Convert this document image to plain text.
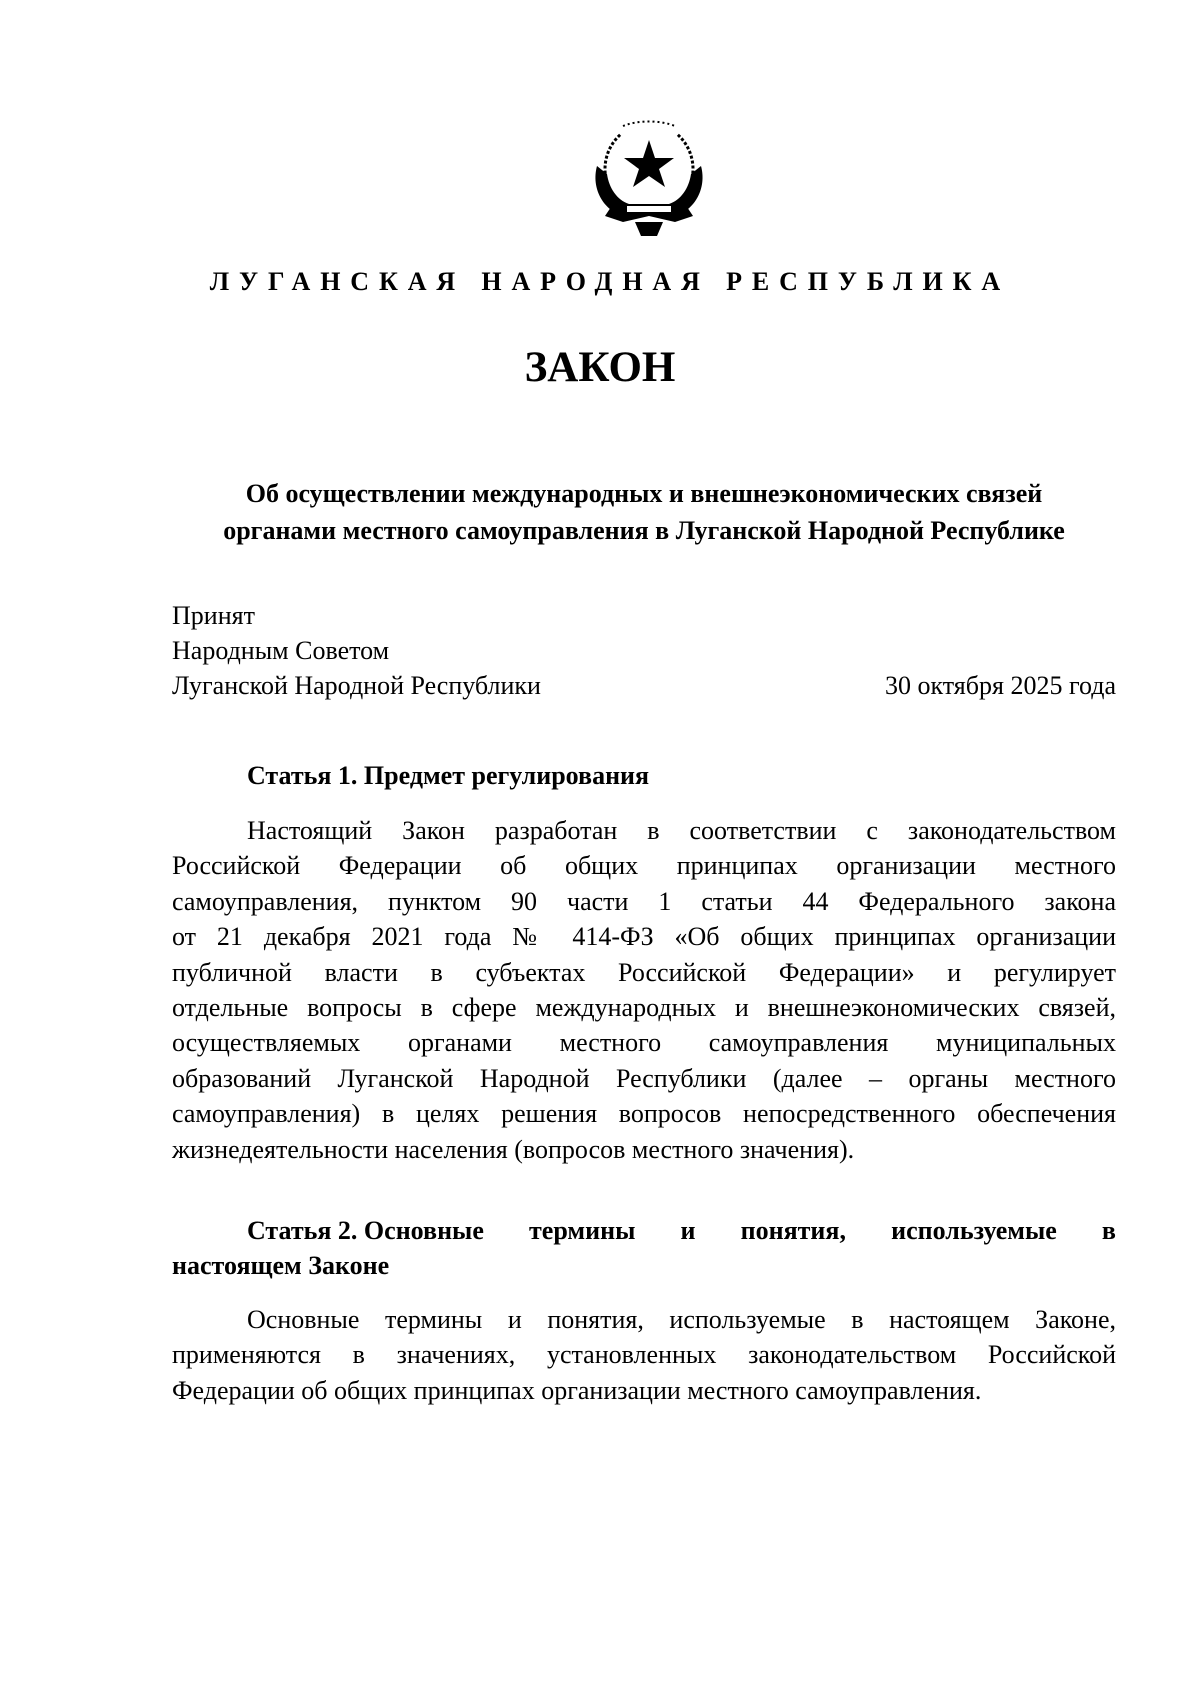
ЛУГАНСКАЯ НАРОДНАЯ РЕСПУБЛИКА
ЗАКОН
Об осуществлении международных и внешнеэкономических связей
органами местного самоуправления в Луганской Народной Республике
Принят
Народным Советом
Луганской Народной Республики	30 октября 2025 года
Статья 1. Предмет регулирования
Настоящий Закон разработан в соответствии с законодательством
Российской Федерации об общих принципах организации местного
самоуправления, пунктом 90 части 1 статьи 44 Федерального закона
от 21 декабря 2021 года № 414-ФЗ «Об общих принципах организации
публичной власти в субъектах Российской Федерации» и регулирует
отдельные вопросы в сфере международных и внешнеэкономических связей,
осуществляемых органами местного самоуправления муниципальных
образований Луганской Народной Республики (далее – органы местного
самоуправления) в целях решения вопросов непосредственного обеспечения
жизнедеятельности населения (вопросов местного значения).
Статья 2. Основные термины и понятия, используемые в
настоящем Законе
Основные термины и понятия, используемые в настоящем Законе,
применяются в значениях, установленных законодательством Российской
Федерации об общих принципах организации местного самоуправления.
